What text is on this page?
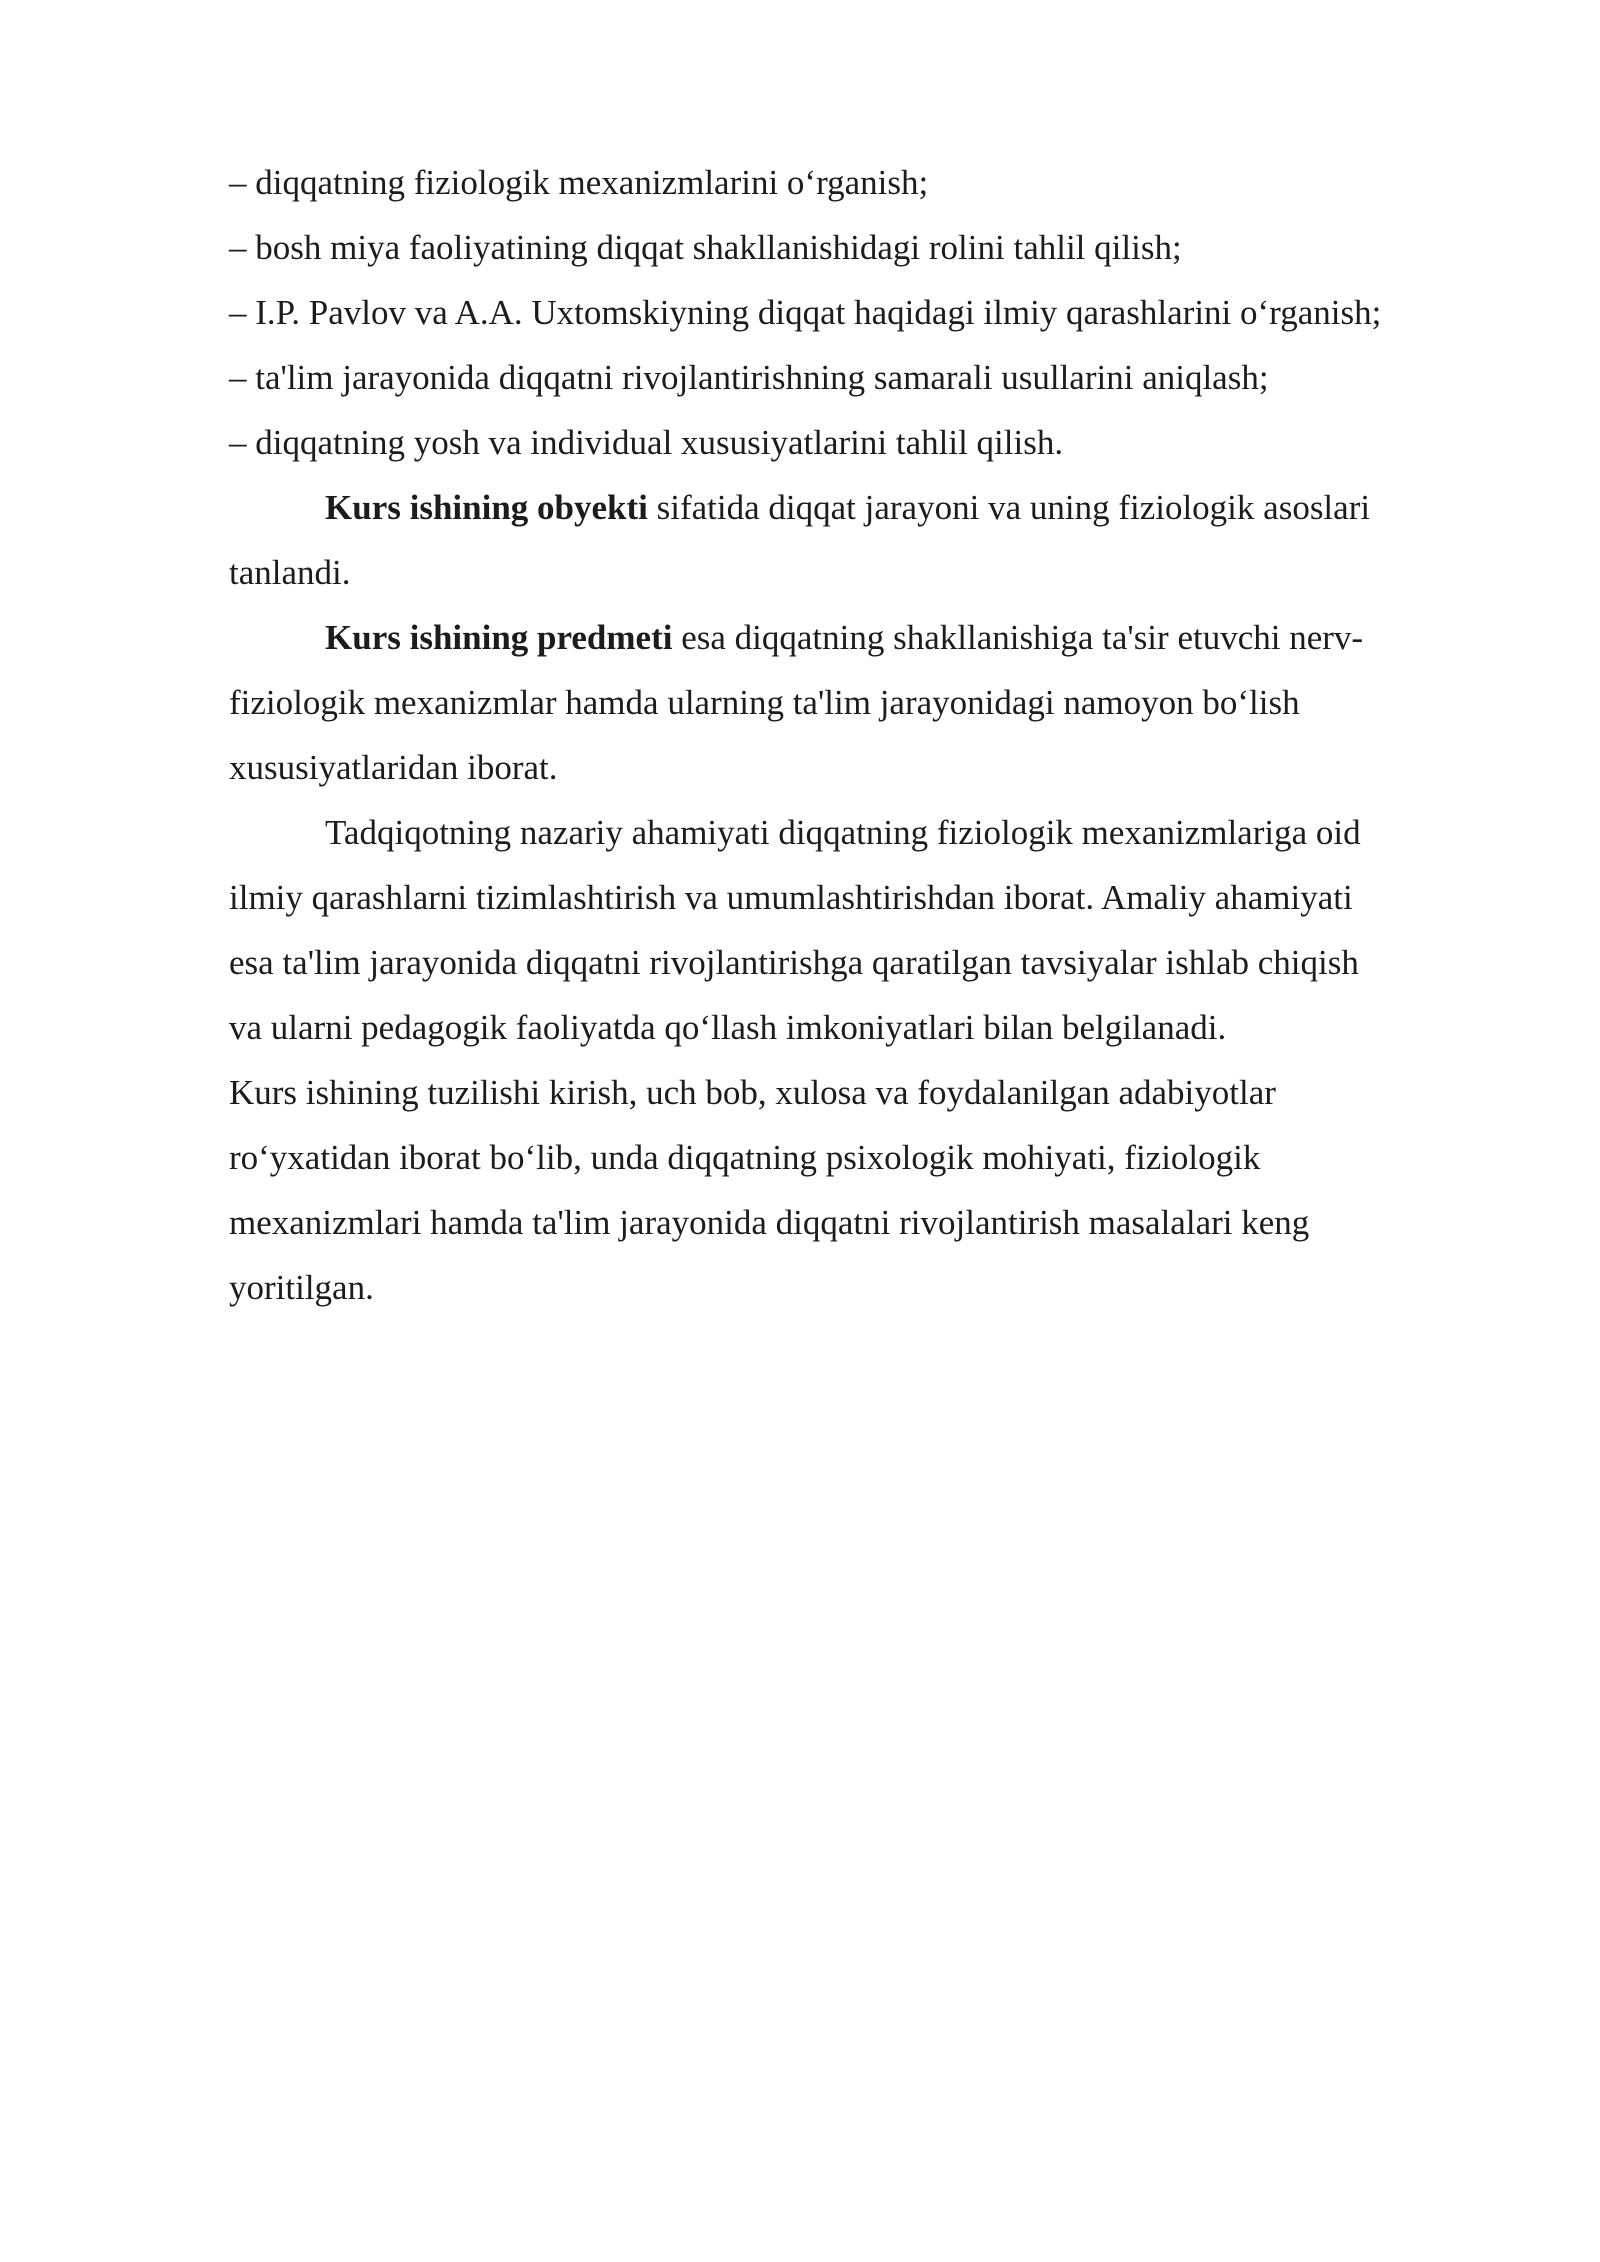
– diqqatning fiziologik mexanizmlarini o‘rganish;
– bosh miya faoliyatining diqqat shakllanishidagi rolini tahlil qilish;
– I.P. Pavlov va A.A. Uxtomskiyning diqqat haqidagi ilmiy qarashlarini o‘rganish;
– ta'lim jarayonida diqqatni rivojlantirishning samarali usullarini aniqlash;
– diqqatning yosh va individual xususiyatlarini tahlil qilish.
Kurs ishining obyekti sifatida diqqat jarayoni va uning fiziologik asoslari
tanlandi.
Kurs ishining predmeti esa diqqatning shakllanishiga ta'sir etuvchi nerv-
fiziologik mexanizmlar hamda ularning ta'lim jarayonidagi namoyon bo‘lish
xususiyatlaridan iborat.
Tadqiqotning nazariy ahamiyati diqqatning fiziologik mexanizmlariga oid
ilmiy qarashlarni tizimlashtirish va umumlashtirishdan iborat. Amaliy ahamiyati
esa ta'lim jarayonida diqqatni rivojlantirishga qaratilgan tavsiyalar ishlab chiqish
va ularni pedagogik faoliyatda qo‘llash imkoniyatlari bilan belgilanadi.
Kurs ishining tuzilishi kirish, uch bob, xulosa va foydalanilgan adabiyotlar
ro‘yxatidan iborat bo‘lib, unda diqqatning psixologik mohiyati, fiziologik
mexanizmlari hamda ta'lim jarayonida diqqatni rivojlantirish masalalari keng
yoritilgan.
